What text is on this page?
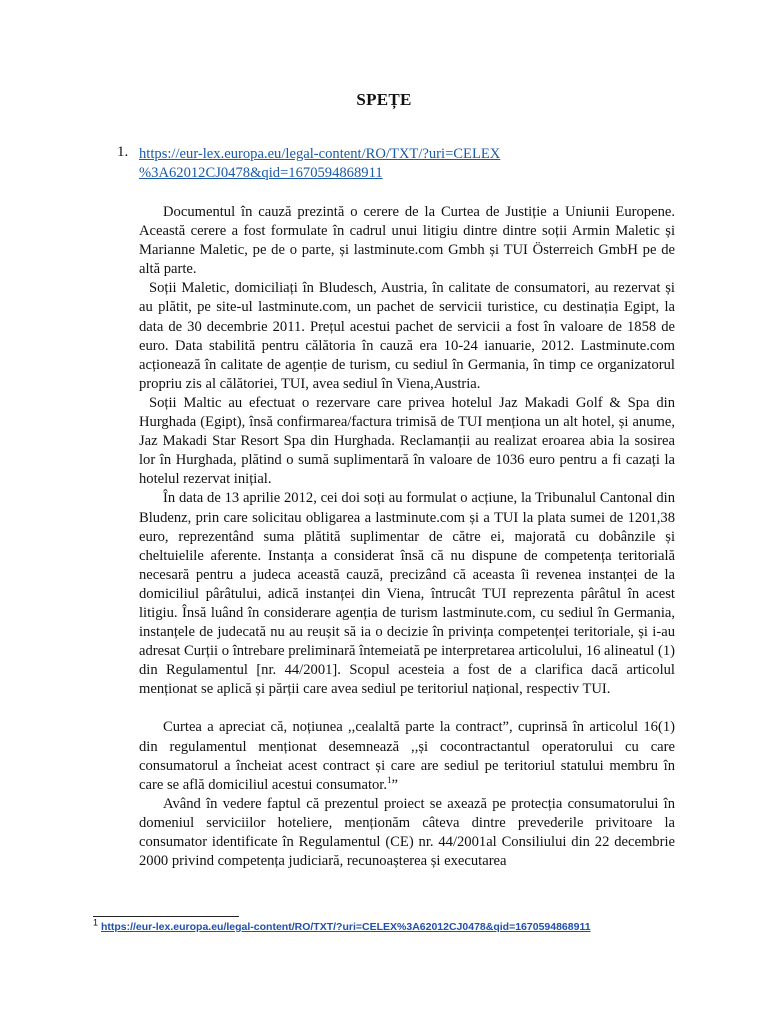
SPEȚE
1. https://eur-lex.europa.eu/legal-content/RO/TXT/?uri=CELEX
%3A62012CJ0478&qid=1670594868911

Documentul în cauză prezintă o cerere de la Curtea de Justiție a Uniunii Europene. Această cerere a fost formulate în cadrul unui litigiu dintre dintre soții Armin Maletic și Marianne Maletic, pe de o parte, și lastminute.com Gmbh și TUI Österreich GmbH pe de altă parte.

Soții Maletic, domiciliați în Bludesch, Austria, în calitate de consumatori, au rezervat și au plătit, pe site-ul lastminute.com, un pachet de servicii turistice, cu destinația Egipt, la data de 30 decembrie 2011. Prețul acestui pachet de servicii a fost în valoare de 1858 de euro. Data stabilită pentru călătoria în cauză era 10-24 ianuarie, 2012. Lastminute.com acționează în calitate de agenție de turism, cu sediul în Germania, în timp ce organizatorul propriu zis al călătoriei, TUI, avea sediul în Viena,Austria.

Soții Maltic au efectuat o rezervare care privea hotelul Jaz Makadi Golf & Spa din Hurghada (Egipt), însă confirmarea/factura trimisă de TUI menționa un alt hotel, și anume, Jaz Makadi Star Resort Spa din Hurghada. Reclamanții au realizat eroarea abia la sosirea lor în Hurghada, plătind o sumă suplimentară în valoare de 1036 euro pentru a fi cazați la hotelul rezervat inițial.

În data de 13 aprilie 2012, cei doi soți au formulat o acțiune, la Tribunalul Cantonal din Bludenz, prin care solicitau obligarea a lastminute.com și a TUI la plata sumei de 1201,38 euro, reprezentând suma plătită suplimentar de către ei, majorată cu dobânzile și cheltuielile aferente. Instanța a considerat însă că nu dispune de competența teritorială necesară pentru a judeca această cauză, precizând că aceasta îi revenea instanței de la domiciliul pârâtului, adică instanței din Viena, întrucât TUI reprezenta pârâtul în acest litigiu. Însă luând în considerare agenția de turism lastminute.com, cu sediul în Germania, instanțele de judecată nu au reușit să ia o decizie în privința competenței teritoriale, și i-au adresat Curții o întrebare preliminară întemeiată pe interpretarea articolului, 16 alineatul (1) din Regulamentul [nr. 44/2001]. Scopul acesteia a fost de a clarifica dacă articolul menționat se aplică și părții care avea sediul pe teritoriul național, respectiv TUI.

Curtea a apreciat că, noțiunea ,,cealaltă parte la contract”, cuprinsă în articolul 16(1) din regulamentul menționat desemnează ,,și cocontractantul operatorului cu care consumatorul a încheiat acest contract și care are sediul pe teritoriul statului membru în care se află domiciliul acestui consumator.$^1$”

Având în vedere faptul că prezentul proiect se axează pe protecția consumatorului în domeniul serviciilor hoteliere, menționăm câteva dintre prevederile privitoare la consumator identificate în Regulamentul (CE) nr. 44/2001al Consiliului din 22 decembrie 2000 privind competența judiciară, recunoașterea și executarea

$^1$ https://eur-lex.europa.eu/legal-content/RO/TXT/?uri=CELEX%3A62012CJ0478&qid=1670594868911
